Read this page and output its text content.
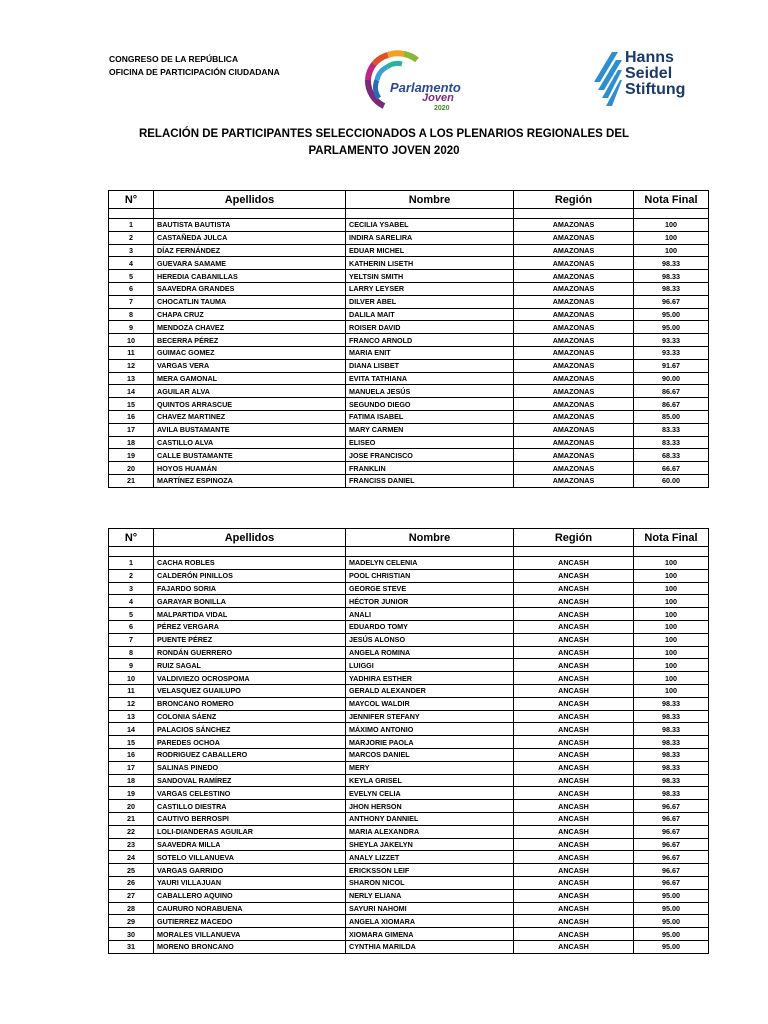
CONGRESO DE LA REPÚBLICA
OFICINA DE PARTICIPACIÓN CIUDADANA
Parlamento
Joven
2020
Hanns
Seidel
Stiftung
RELACIÓN DE PARTICIPANTES SELECCIONADOS A LOS PLENARIOS REGIONALES DEL
PARLAMENTO JOVEN 2020
N°	Apellidos	Nombre	Región	Nota Final

1	BAUTISTA BAUTISTA	CECILIA YSABEL	AMAZONAS	100
2	CASTAÑEDA JULCA	INDIRA SARELIRA	AMAZONAS	100
3	DÍAZ FERNÁNDEZ	EDUAR MICHEL	AMAZONAS	100
4	GUEVARA SAMAME	KATHERIN LISETH	AMAZONAS	98.33
5	HEREDIA CABANILLAS	YELTSIN SMITH	AMAZONAS	98.33
6	SAAVEDRA GRANDES	LARRY LEYSER	AMAZONAS	98.33
7	CHOCATLIN TAUMA	DILVER ABEL	AMAZONAS	96.67
8	CHAPA CRUZ	DALILA MAIT	AMAZONAS	95.00
9	MENDOZA CHAVEZ	ROISER DAVID	AMAZONAS	95.00
10	BECERRA PÉREZ	FRANCO ARNOLD	AMAZONAS	93.33
11	GUIMAC GOMEZ	MARIA ENIT	AMAZONAS	93.33
12	VARGAS VERA	DIANA LISBET	AMAZONAS	91.67
13	MERA GAMONAL	EVITA TATHIANA	AMAZONAS	90.00
14	AGUILAR ALVA	MANUELA JESÚS	AMAZONAS	86.67
15	QUINTOS ARRASCUE	SEGUNDO DIEGO	AMAZONAS	86.67
16	CHAVEZ MARTINEZ	FATIMA ISABEL	AMAZONAS	85.00
17	AVILA BUSTAMANTE	MARY CARMEN	AMAZONAS	83.33
18	CASTILLO ALVA	ELISEO	AMAZONAS	83.33
19	CALLE BUSTAMANTE	JOSE FRANCISCO	AMAZONAS	68.33
20	HOYOS HUAMÁN	FRANKLIN	AMAZONAS	66.67
21	MARTÍNEZ ESPINOZA	FRANCISS DANIEL	AMAZONAS	60.00
N°	Apellidos	Nombre	Región	Nota Final

1	CACHA ROBLES	MADELYN CELENIA	ANCASH	100
2	CALDERÓN PINILLOS	POOL CHRISTIAN	ANCASH	100
3	FAJARDO SORIA	GEORGE STEVE	ANCASH	100
4	GARAYAR BONILLA	HÉCTOR JUNIOR	ANCASH	100
5	MALPARTIDA VIDAL	ANALI	ANCASH	100
6	PÉREZ VERGARA	EDUARDO TOMY	ANCASH	100
7	PUENTE PÉREZ	JESÚS ALONSO	ANCASH	100
8	RONDÁN GUERRERO	ANGELA ROMINA	ANCASH	100
9	RUIZ SAGAL	LUIGGI	ANCASH	100
10	VALDIVIEZO OCROSPOMA	YADHIRA ESTHER	ANCASH	100
11	VELASQUEZ GUAILUPO	GERALD ALEXANDER	ANCASH	100
12	BRONCANO ROMERO	MAYCOL WALDIR	ANCASH	98.33
13	COLONIA SÁENZ	JENNIFER STEFANY	ANCASH	98.33
14	PALACIOS SÁNCHEZ	MÁXIMO ANTONIO	ANCASH	98.33
15	PAREDES OCHOA	MARJORIE PAOLA	ANCASH	98.33
16	RODRIGUEZ CABALLERO	MARCOS DANIEL	ANCASH	98.33
17	SALINAS PINEDO	MERY	ANCASH	98.33
18	SANDOVAL RAMÍREZ	KEYLA GRISEL	ANCASH	98.33
19	VARGAS CELESTINO	EVELYN CELIA	ANCASH	98.33
20	CASTILLO DIESTRA	JHON HERSON	ANCASH	96.67
21	CAUTIVO BERROSPI	ANTHONY DANNIEL	ANCASH	96.67
22	LOLI-DIANDERAS AGUILAR	MARIA ALEXANDRA	ANCASH	96.67
23	SAAVEDRA MILLA	SHEYLA JAKELYN	ANCASH	96.67
24	SOTELO VILLANUEVA	ANALY LIZZET	ANCASH	96.67
25	VARGAS GARRIDO	ERICKSSON LEIF	ANCASH	96.67
26	YAURI VILLAJUAN	SHARON NICOL	ANCASH	96.67
27	CABALLERO AQUINO	NERLY ELIANA	ANCASH	95.00
28	CAURURO NORABUENA	SAYURI NAHOMI	ANCASH	95.00
29	GUTIERREZ MACEDO	ANGELA XIOMARA	ANCASH	95.00
30	MORALES VILLANUEVA	XIOMARA GIMENA	ANCASH	95.00
31	MORENO BRONCANO	CYNTHIA MARILDA	ANCASH	95.00
